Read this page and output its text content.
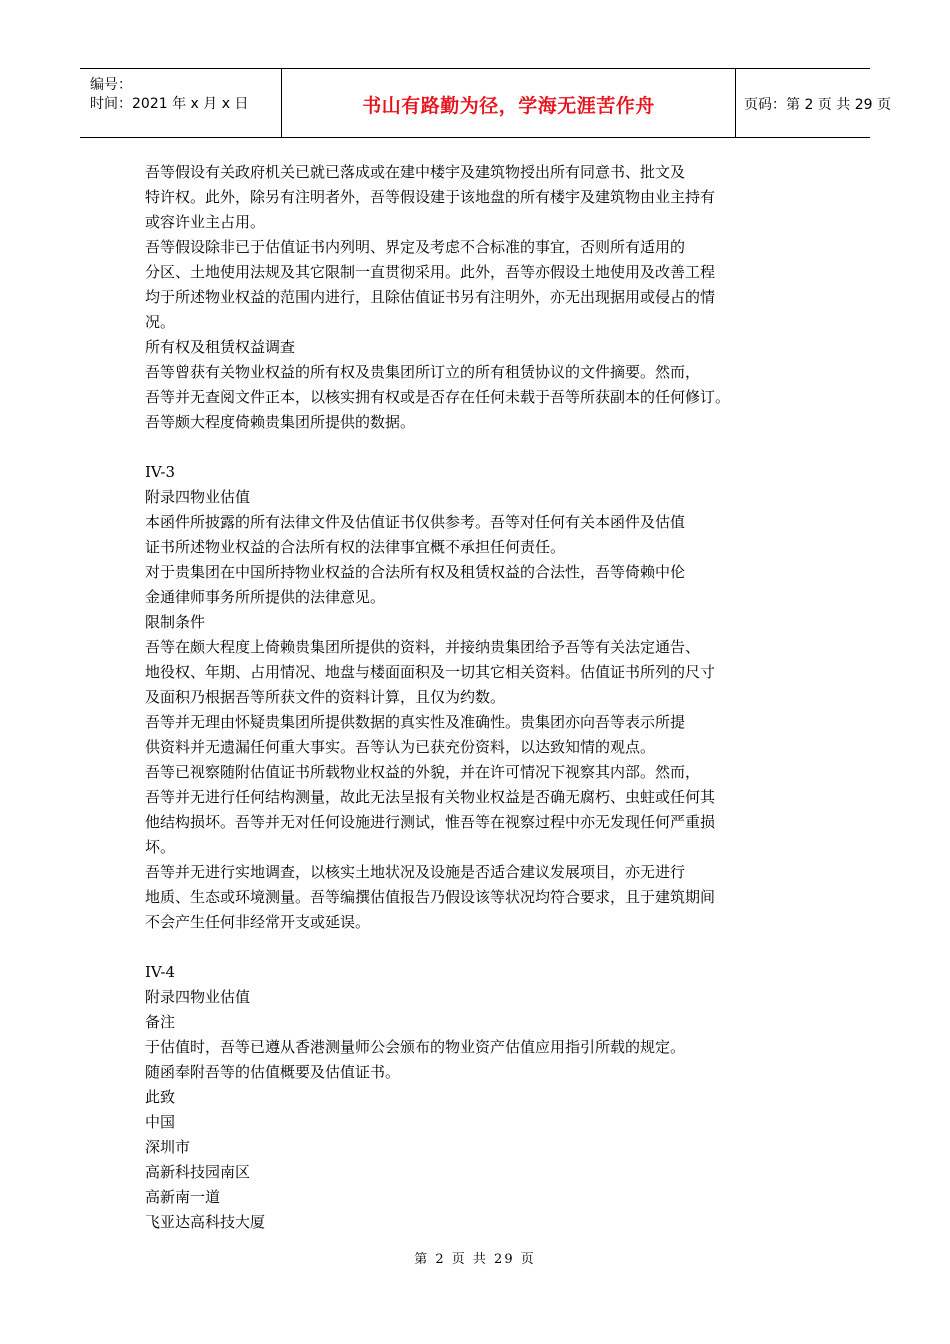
编号：
时间：2021 年 x 月 x 日	书山有路勤为径，学海无涯苦作舟	页码：第 2 页 共 29 页
吾等假设有关政府机关已就已落成或在建中楼宇及建筑物授出所有同意书、批文及
特许权。此外，除另有注明者外，吾等假设建于该地盘的所有楼宇及建筑物由业主持有
或容许业主占用。
吾等假设除非已于估值证书内列明、界定及考虑不合标准的事宜，否则所有适用的
分区、土地使用法规及其它限制一直贯彻采用。此外，吾等亦假设土地使用及改善工程
均于所述物业权益的范围内进行，且除估值证书另有注明外，亦无出现据用或侵占的情
况。
所有权及租赁权益调查
吾等曾获有关物业权益的所有权及贵集团所订立的所有租赁协议的文件摘要。然而，
吾等并无查阅文件正本，以核实拥有权或是否存在任何未载于吾等所获副本的任何修订。
吾等颇大程度倚赖贵集团所提供的数据。
IV-3
附录四物业估值
本函件所披露的所有法律文件及估值证书仅供参考。吾等对任何有关本函件及估值
证书所述物业权益的合法所有权的法律事宜概不承担任何责任。
对于贵集团在中国所持物业权益的合法所有权及租赁权益的合法性，吾等倚赖中伦
金通律师事务所所提供的法律意见。
限制条件
吾等在颇大程度上倚赖贵集团所提供的资料，并接纳贵集团给予吾等有关法定通告、
地役权、年期、占用情况、地盘与楼面面积及一切其它相关资料。估值证书所列的尺寸
及面积乃根据吾等所获文件的资料计算，且仅为约数。
吾等并无理由怀疑贵集团所提供数据的真实性及准确性。贵集团亦向吾等表示所提
供资料并无遗漏任何重大事实。吾等认为已获充份资料，以达致知情的观点。
吾等已视察随附估值证书所载物业权益的外貌，并在许可情况下视察其内部。然而，
吾等并无进行任何结构测量，故此无法呈报有关物业权益是否确无腐朽、虫蛀或任何其
他结构损坏。吾等并无对任何设施进行测试，惟吾等在视察过程中亦无发现任何严重损
坏。
吾等并无进行实地调查，以核实土地状况及设施是否适合建议发展项目，亦无进行
地质、生态或环境测量。吾等编撰估值报告乃假设该等状况均符合要求，且于建筑期间
不会产生任何非经常开支或延误。
IV-4
附录四物业估值
备注
于估值时，吾等已遵从香港测量师公会颁布的物业资产估值应用指引所载的规定。
随函奉附吾等的估值概要及估值证书。
此致
中国
深圳市
高新科技园南区
高新南一道
飞亚达高科技大厦
第 2 页 共 29 页
